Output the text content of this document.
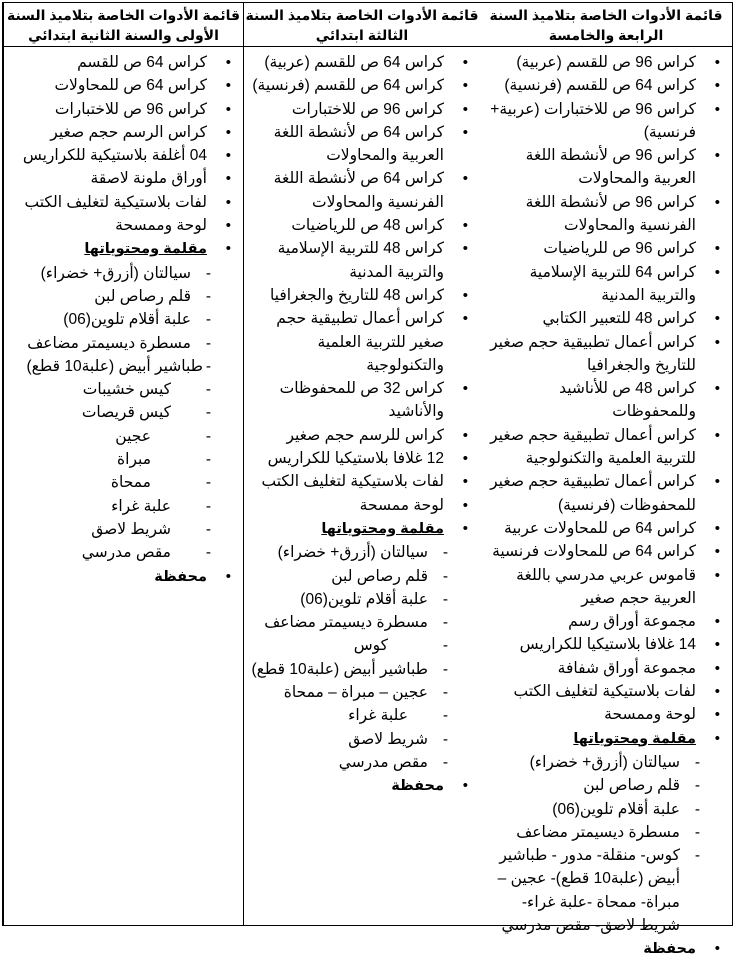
قائمة الأدوات الخاصة بتلاميذ السنة
الأولى والسنة الثانية ابتدائي
• كراس 64 ص للقسم
• كراس 64 ص للمحاولات
• كراس 96 ص للاختبارات
• كراس الرسم حجم صغير
• 04 أغلفة بلاستيكية للكراريس
• أوراق ملونة لاصقة
• لفات بلاستيكية لتغليف الكتب
• لوحة وممسحة
• مقلمة ومحتوياتها
- سيالتان (أزرق+ خضراء)
- قلم رصاص لبن
- علبة أقلام تلوين(06)
- مسطرة ديسيمتر مضاعف
- طباشير أبيض (علبة10 قطع)
- كيس خشيبات
- كيس قريصات
- عجين
- مبراة
- ممحاة
- علبة غراء
- شريط لاصق
- مقص مدرسي
• محفظة
قائمة الأدوات الخاصة بتلاميذ السنة
الثالثة ابتدائي
• كراس 64 ص للقسم (عربية)
• كراس 64 ص للقسم (فرنسية)
• كراس 96 ص للاختبارات
• كراس 64 ص لأنشطة اللغة العربية والمحاولات
• كراس 64 ص لأنشطة اللغة الفرنسية والمحاولات
• كراس 48 ص للرياضيات
• كراس 48 للتربية الإسلامية والتربية المدنية
• كراس 48 للتاريخ والجغرافيا
• كراس أعمال تطبيقية حجم صغير للتربية العلمية والتكنولوجية
• كراس 32 ص للمحفوظات والأناشيد
• كراس للرسم حجم صغير
• 12 غلافا بلاستيكيا للكراريس
• لفات بلاستيكية لتغليف الكتب
• لوحة ممسحة
• مقلمة ومحتوياتها
- سيالتان (أزرق+ خضراء)
- قلم رصاص لبن
- علبة أقلام تلوين(06)
- مسطرة ديسيمتر مضاعف
- كوس
- طباشير أبيض (علبة10 قطع)
- عجين – مبراة – ممحاة
- علبة غراء
- شريط لاصق
- مقص مدرسي
• محفظة
قائمة الأدوات الخاصة بتلاميذ السنة
الرابعة والخامسة
• كراس 96 ص للقسم (عربية)
• كراس 64 ص للقسم (فرنسية)
• كراس 96 ص للاختبارات (عربية+ فرنسية)
• كراس 96 ص لأنشطة اللغة العربية والمحاولات
• كراس 96 ص لأنشطة اللغة الفرنسية والمحاولات
• كراس 96 ص للرياضيات
• كراس 64 للتربية الإسلامية والتربية المدنية
• كراس 48 للتعبير الكتابي
• كراس أعمال تطبيقية حجم صغير للتاريخ والجغرافيا
• كراس 48 ص للأناشيد وللمحفوظات
• كراس أعمال تطبيقية حجم صغير للتربية العلمية والتكنولوجية
• كراس أعمال تطبيقية حجم صغير للمحفوظات (فرنسية)
• كراس 64 ص للمحاولات عربية
• كراس 64 ص للمحاولات فرنسية
• قاموس عربي مدرسي باللغة العربية حجم صغير
• مجموعة أوراق رسم
• 14 غلافا بلاستيكيا للكراريس
• مجموعة أوراق شفافة
• لفات بلاستيكية لتغليف الكتب
• لوحة وممسحة
• مقلمة ومحتوياتها
- سيالتان (أزرق+ خضراء)
- قلم رصاص لبن
- علبة أقلام تلوين(06)
- مسطرة ديسيمتر مضاعف
- كوس- منقلة- مدور - طباشير أبيض (علبة10 قطع)- عجين – مبراة- ممحاة -علبة غراء- شريط لاصق- مقص مدرسي
• محفظة
